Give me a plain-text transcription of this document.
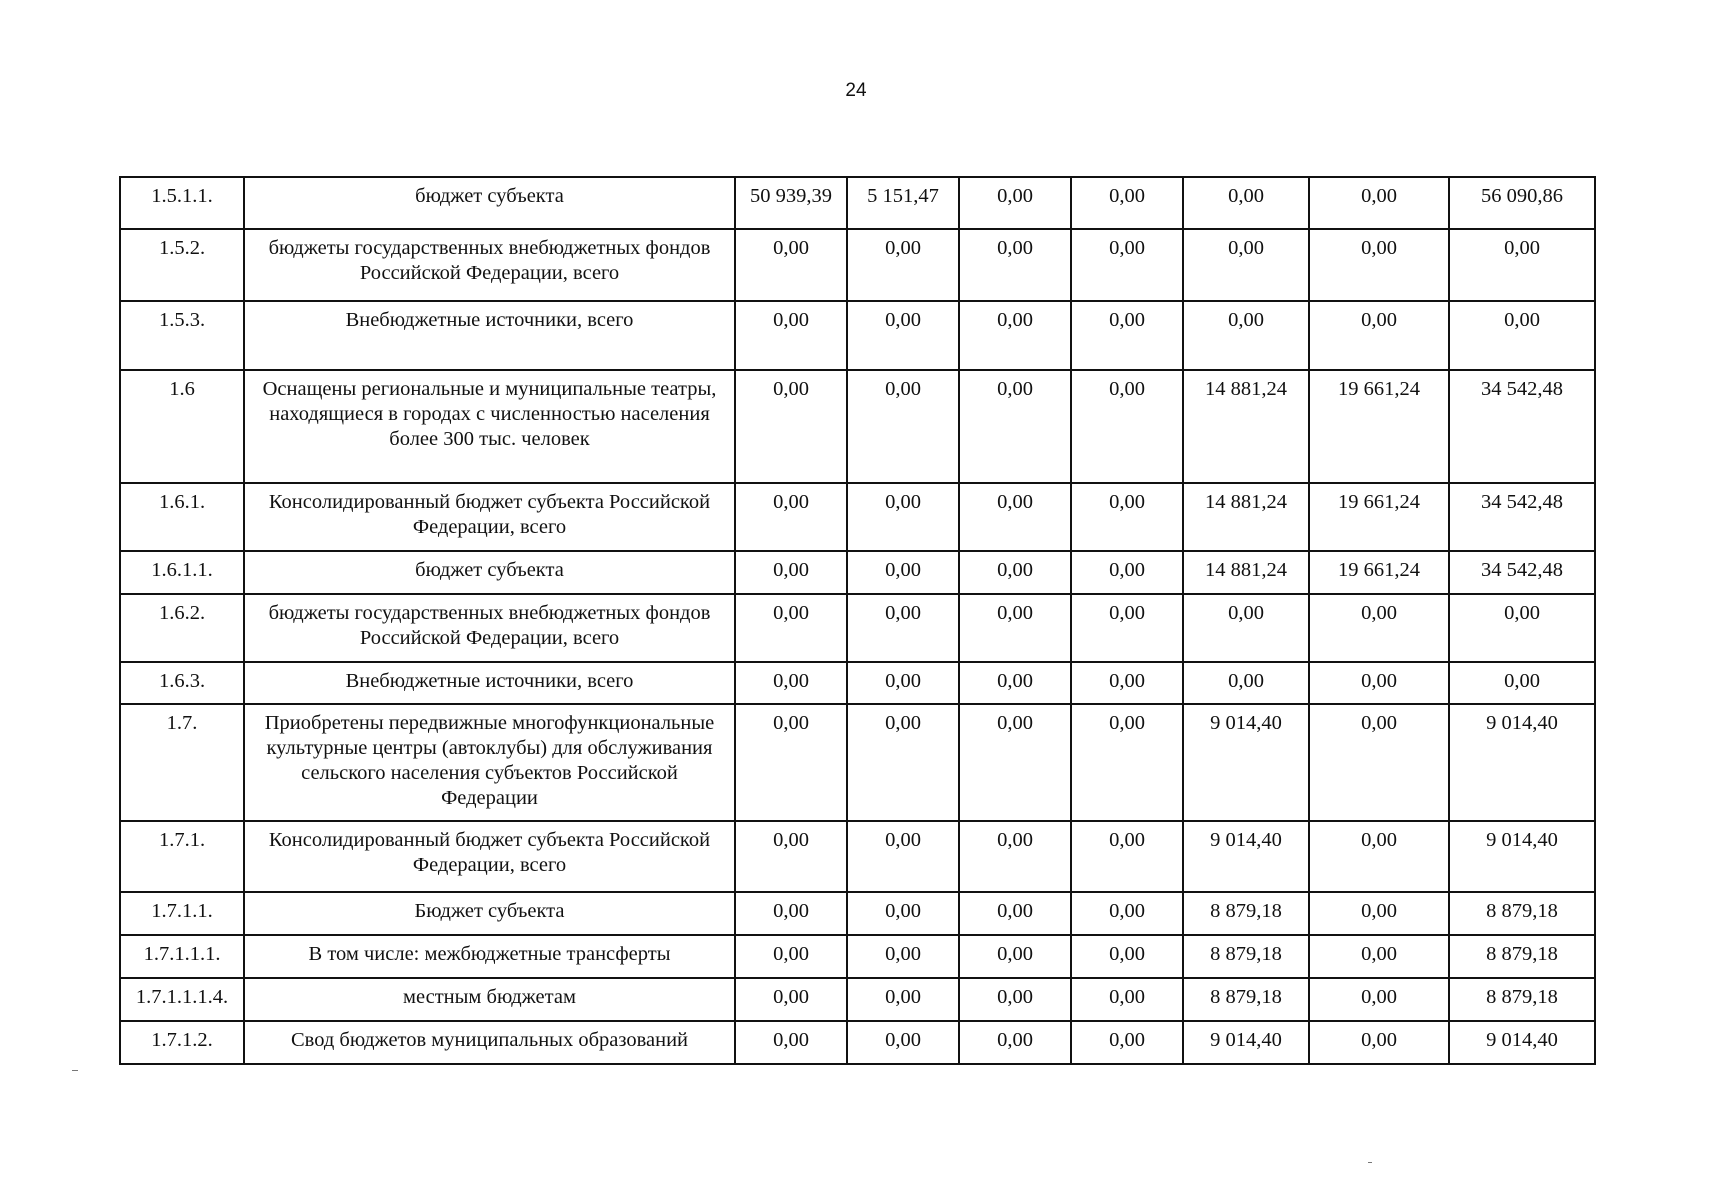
24
1.5.1.1.	бюджет субъекта	50 939,39	5 151,47	0,00	0,00	0,00	0,00	56 090,86
1.5.2.	бюджеты государственных внебюджетных фондов Российской Федерации, всего	0,00	0,00	0,00	0,00	0,00	0,00	0,00
1.5.3.	Внебюджетные источники, всего	0,00	0,00	0,00	0,00	0,00	0,00	0,00
1.6	Оснащены региональные и муниципальные театры, находящиеся в городах с численностью населения более 300 тыс. человек	0,00	0,00	0,00	0,00	14 881,24	19 661,24	34 542,48
1.6.1.	Консолидированный бюджет субъекта Российской Федерации, всего	0,00	0,00	0,00	0,00	14 881,24	19 661,24	34 542,48
1.6.1.1.	бюджет субъекта	0,00	0,00	0,00	0,00	14 881,24	19 661,24	34 542,48
1.6.2.	бюджеты государственных внебюджетных фондов Российской Федерации, всего	0,00	0,00	0,00	0,00	0,00	0,00	0,00
1.6.3.	Внебюджетные источники, всего	0,00	0,00	0,00	0,00	0,00	0,00	0,00
1.7.	Приобретены передвижные многофункциональные культурные центры (автоклубы) для обслуживания сельского населения субъектов Российской Федерации	0,00	0,00	0,00	0,00	9 014,40	0,00	9 014,40
1.7.1.	Консолидированный бюджет субъекта Российской Федерации, всего	0,00	0,00	0,00	0,00	9 014,40	0,00	9 014,40
1.7.1.1.	Бюджет субъекта	0,00	0,00	0,00	0,00	8 879,18	0,00	8 879,18
1.7.1.1.1.	В том числе: межбюджетные трансферты	0,00	0,00	0,00	0,00	8 879,18	0,00	8 879,18
1.7.1.1.1.4.	местным бюджетам	0,00	0,00	0,00	0,00	8 879,18	0,00	8 879,18
1.7.1.2.	Свод бюджетов муниципальных образований	0,00	0,00	0,00	0,00	9 014,40	0,00	9 014,40
